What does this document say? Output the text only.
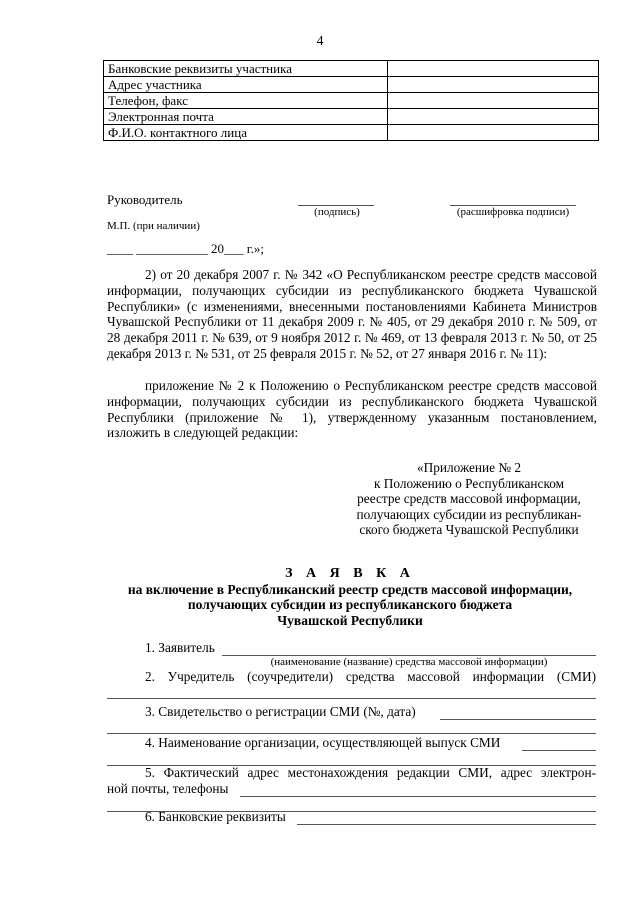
4
Банковские реквизиты участника	
Адрес участника	
Телефон, факс	
Электронная почта	
Ф.И.О. контактного лица	
Руководитель
(подпись)	(расшифровка подписи)
М.П. (при наличии)
____ ___________ 20___ г.»;
2) от 20 декабря 2007 г. № 342 «О Республиканском реестре средств массовой информации, получающих субсидии из республиканского бюджета Чувашской Республики» (с изменениями, внесенными постановлениями Кабинета Министров Чувашской Республики от 11 декабря 2009 г. № 405, от 29 декабря 2010 г. № 509, от 28 декабря 2011 г. № 639, от 9 ноября 2012 г. № 469, от 13 февраля 2013 г. № 50, от 25 декабря 2013 г. № 531, от 25 февраля 2015 г. № 52, от 27 января 2016 г. № 11):
приложение № 2 к Положению о Республиканском реестре средств массовой информации, получающих субсидии из республиканского бюджета Чувашской Республики (приложение № 1), утвержденному указанным постановлением, изложить в следующей редакции:
«Приложение № 2
к Положению о Республиканском
реестре средств массовой информации,
получающих субсидии из республикан-
ского бюджета Чувашской Республики
З А Я В К А
на включение в Республиканский реестр средств массовой информации,
получающих субсидии из республиканского бюджета
Чувашской Республики
1. Заявитель
(наименование (название) средства массовой информации)
2. Учредитель (соучредители) средства массовой информации (СМИ)
3. Свидетельство о регистрации СМИ (№, дата)
4. Наименование организации, осуществляющей выпуск СМИ
5. Фактический адрес местонахождения редакции СМИ, адрес электрон-
ной почты, телефоны
6. Банковские реквизиты
